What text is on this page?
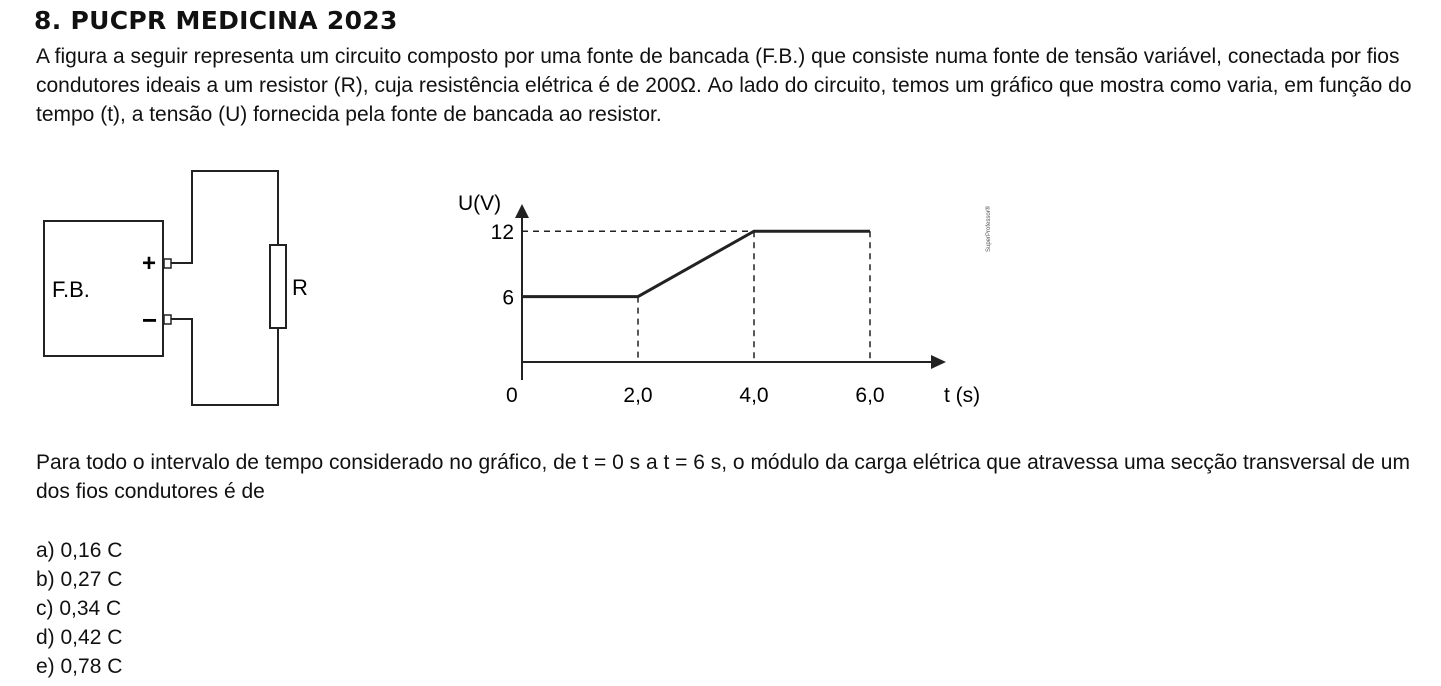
8. PUCPR MEDICINA 2023
A figura a seguir representa um circuito composto por uma fonte de bancada (F.B.) que consiste numa fonte de tensão variável, conectada por fios condutores ideais a um resistor (R), cuja resistência elétrica é de 200Ω. Ao lado do circuito, temos um gráfico que mostra como varia, em função do tempo (t), a tensão (U) fornecida pela fonte de bancada ao resistor.
F.B.
+
−
R
U(V)
t (s)
0	2,0	4,0	6,0
6
12	SuperProfessor®
Para todo o intervalo de tempo considerado no gráfico, de t = 0 s a t = 6 s, o módulo da carga elétrica que atravessa uma secção transversal de um dos fios condutores é de
a) 0,16 C
b) 0,27 C
c) 0,34 C
d) 0,42 C
e) 0,78 C
